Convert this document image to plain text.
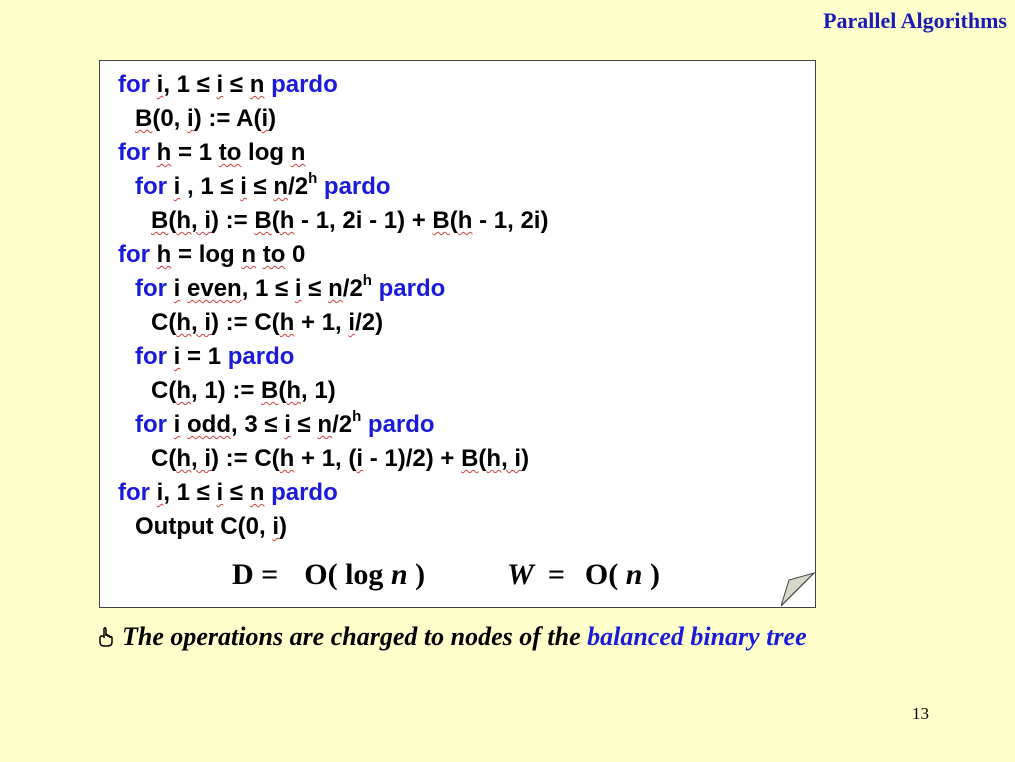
Parallel Algorithms
for i, 1 ≤ i ≤ n pardo
B(0, i) := A(i)
for h = 1 to log n
for i , $1 \le i \le n/2^h$ pardo
B(h, i) := B(h - 1, 2i - 1) + B(h - 1, 2i)
for h = log n to 0
for i even, $1 \le i \le n/2^h$ pardo
C(h, i) := C(h + 1, i/2)
for i = 1 pardo
C(h, 1) := B(h, 1)
for i odd, $3 \le i \le n/2^h$ pardo
C(h, i) := C(h + 1, (i - 1)/2) + B(h, i)
for i, 1 ≤ i ≤ n pardo
Output C(0, i)
D = O( log n )	W = O( n )
The operations are charged to nodes of the balanced binary tree
13
